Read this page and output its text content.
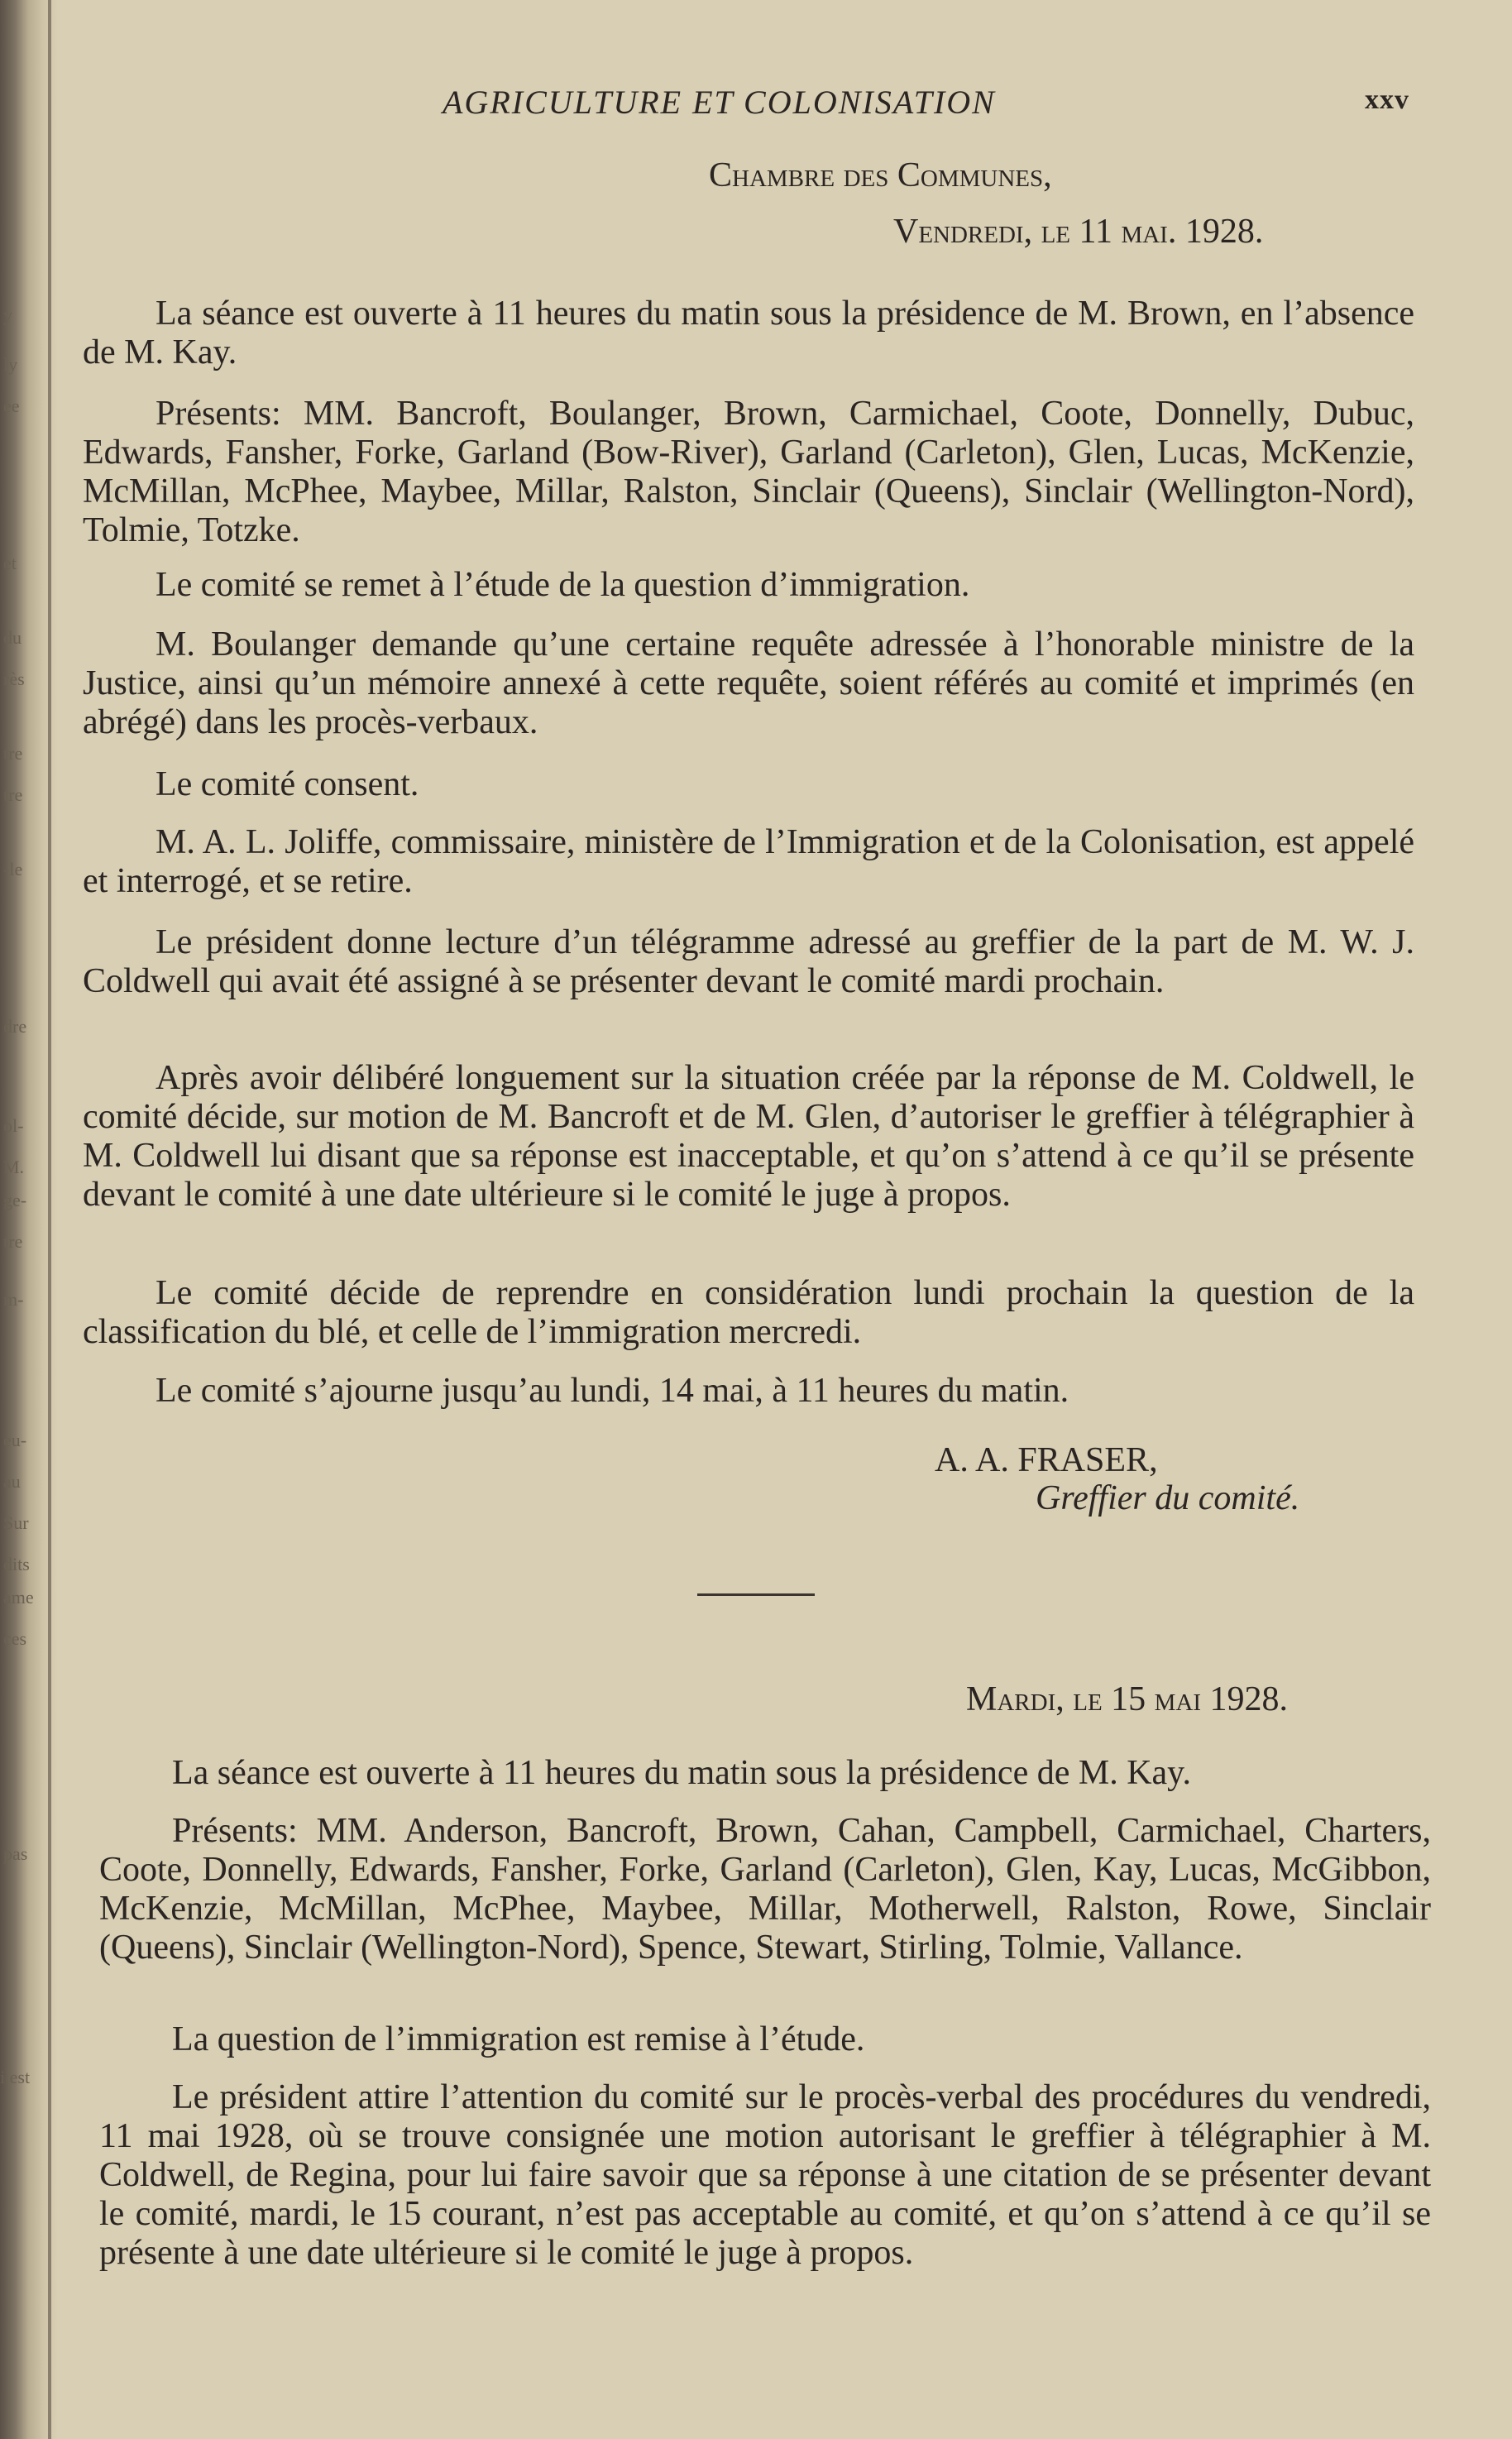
y
ly
ee
et
du
rès
tre
tre
-le
dre
ol-
M.
ge-
tre
m-
eu-
au
Sur
dits
ame
ces
pas
i est
AGRICULTURE ET COLONISATION	xxv
Chambre des Communes,
Vendredi, le 11 mai. 1928.

La séance est ouverte à 11 heures du matin sous la présidence de M. Brown, en l’absence de M. Kay.

Présents: MM. Bancroft, Boulanger, Brown, Carmichael, Coote, Donnelly, Dubuc, Edwards, Fansher, Forke, Garland (Bow-River), Garland (Carleton), Glen, Lucas, McKenzie, McMillan, McPhee, Maybee, Millar, Ralston, Sinclair (Queens), Sinclair (Wellington-Nord), Tolmie, Totzke.

Le comité se remet à l’étude de la question d’immigration.

M. Boulanger demande qu’une certaine requête adressée à l’honorable ministre de la Justice, ainsi qu’un mémoire annexé à cette requête, soient référés au comité et imprimés (en abrégé) dans les procès-verbaux.

Le comité consent.

M. A. L. Joliffe, commissaire, ministère de l’Immigration et de la Colonisation, est appelé et interrogé, et se retire.

Le président donne lecture d’un télégramme adressé au greffier de la part de M. W. J. Coldwell qui avait été assigné à se présenter devant le comité mardi prochain.

Après avoir délibéré longuement sur la situation créée par la réponse de M. Coldwell, le comité décide, sur motion de M. Bancroft et de M. Glen, d’autoriser le greffier à télégraphier à M. Coldwell lui disant que sa réponse est inacceptable, et qu’on s’attend à ce qu’il se présente devant le comité à une date ultérieure si le comité le juge à propos.

Le comité décide de reprendre en considération lundi prochain la question de la classification du blé, et celle de l’immigration mercredi.

Le comité s’ajourne jusqu’au lundi, 14 mai, à 11 heures du matin.

A. A. FRASER,
Greffier du comité.
Mardi, le 15 mai 1928.

La séance est ouverte à 11 heures du matin sous la présidence de M. Kay.

Présents: MM. Anderson, Bancroft, Brown, Cahan, Campbell, Carmichael, Charters, Coote, Donnelly, Edwards, Fansher, Forke, Garland (Carleton), Glen, Kay, Lucas, McGibbon, McKenzie, McMillan, McPhee, Maybee, Millar, Motherwell, Ralston, Rowe, Sinclair (Queens), Sinclair (Wellington-Nord), Spence, Stewart, Stirling, Tolmie, Vallance.

La question de l’immigration est remise à l’étude.

Le président attire l’attention du comité sur le procès-verbal des procédures du vendredi, 11 mai 1928, où se trouve consignée une motion autorisant le greffier à télégraphier à M. Coldwell, de Regina, pour lui faire savoir que sa réponse à une citation de se présenter devant le comité, mardi, le 15 courant, n’est pas acceptable au comité, et qu’on s’attend à ce qu’il se présente à une date ultérieure si le comité le juge à propos.
